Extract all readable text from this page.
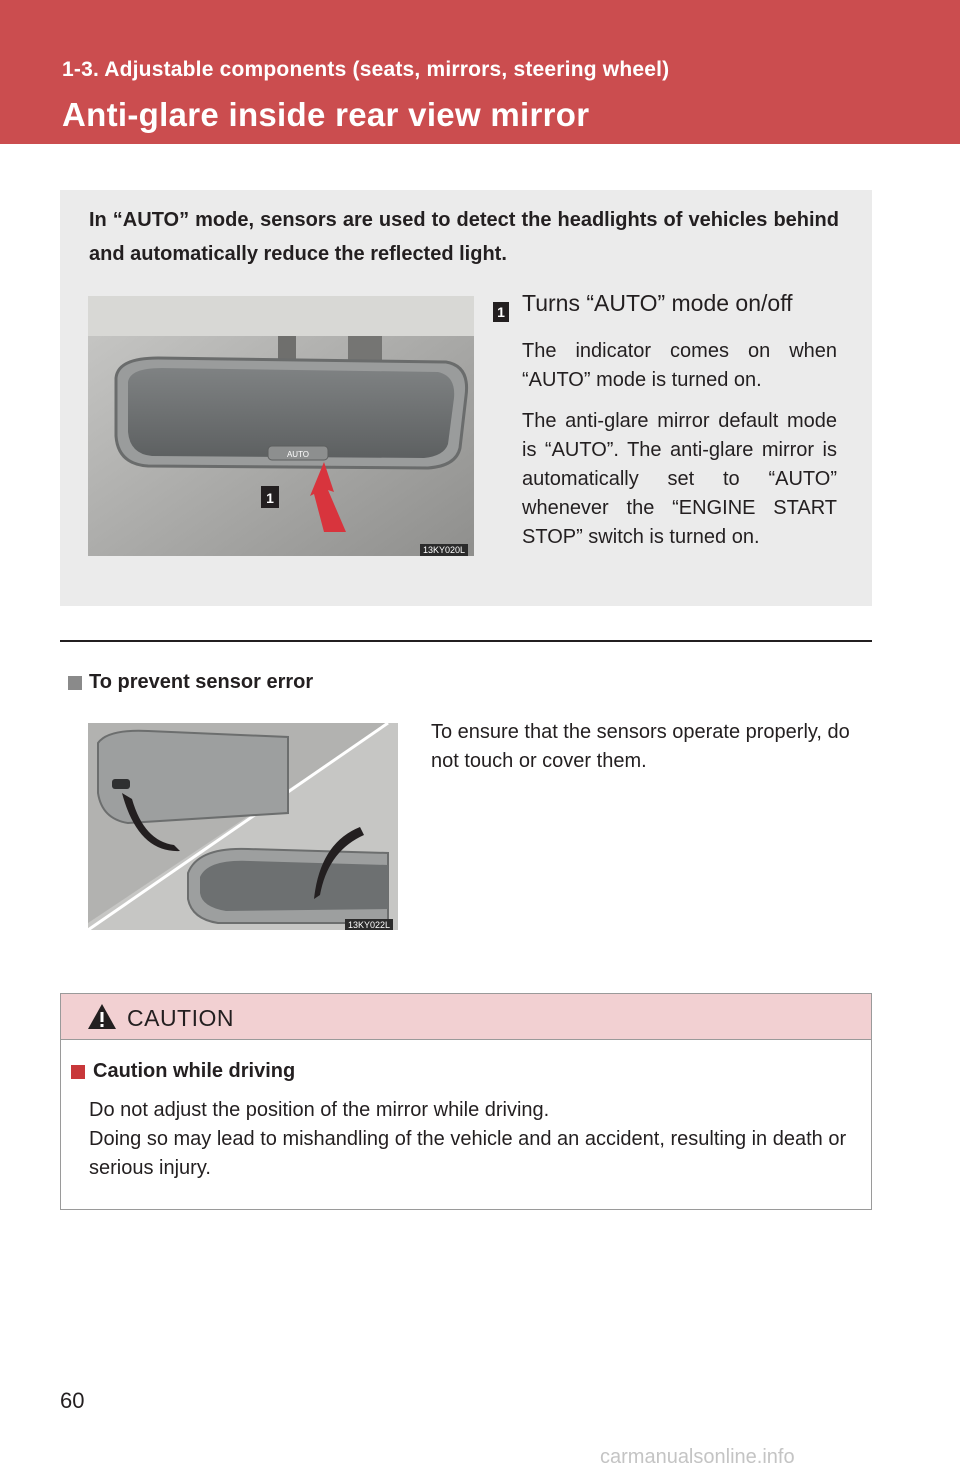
1-3. Adjustable components (seats, mirrors, steering wheel)
Anti-glare inside rear view mirror
In “AUTO” mode, sensors are used to detect the headlights of vehicles behind and automatically reduce the reflected light.
AUTO
1
13KY020L
1 Turns “AUTO” mode on/off

The indicator comes on when “AUTO” mode is turned on.

The anti-glare mirror default mode is “AUTO”. The anti-glare mirror is automatically set to “AUTO” whenever the “ENGINE START STOP” switch is turned on.

To prevent sensor error
13KY022L
To ensure that the sensors operate properly, do not touch or cover them.
CAUTION
Caution while driving

Do not adjust the position of the mirror while driving.

Doing so may lead to mishandling of the vehicle and an accident, resulting in death or serious injury.

60
carmanualsonline.info
